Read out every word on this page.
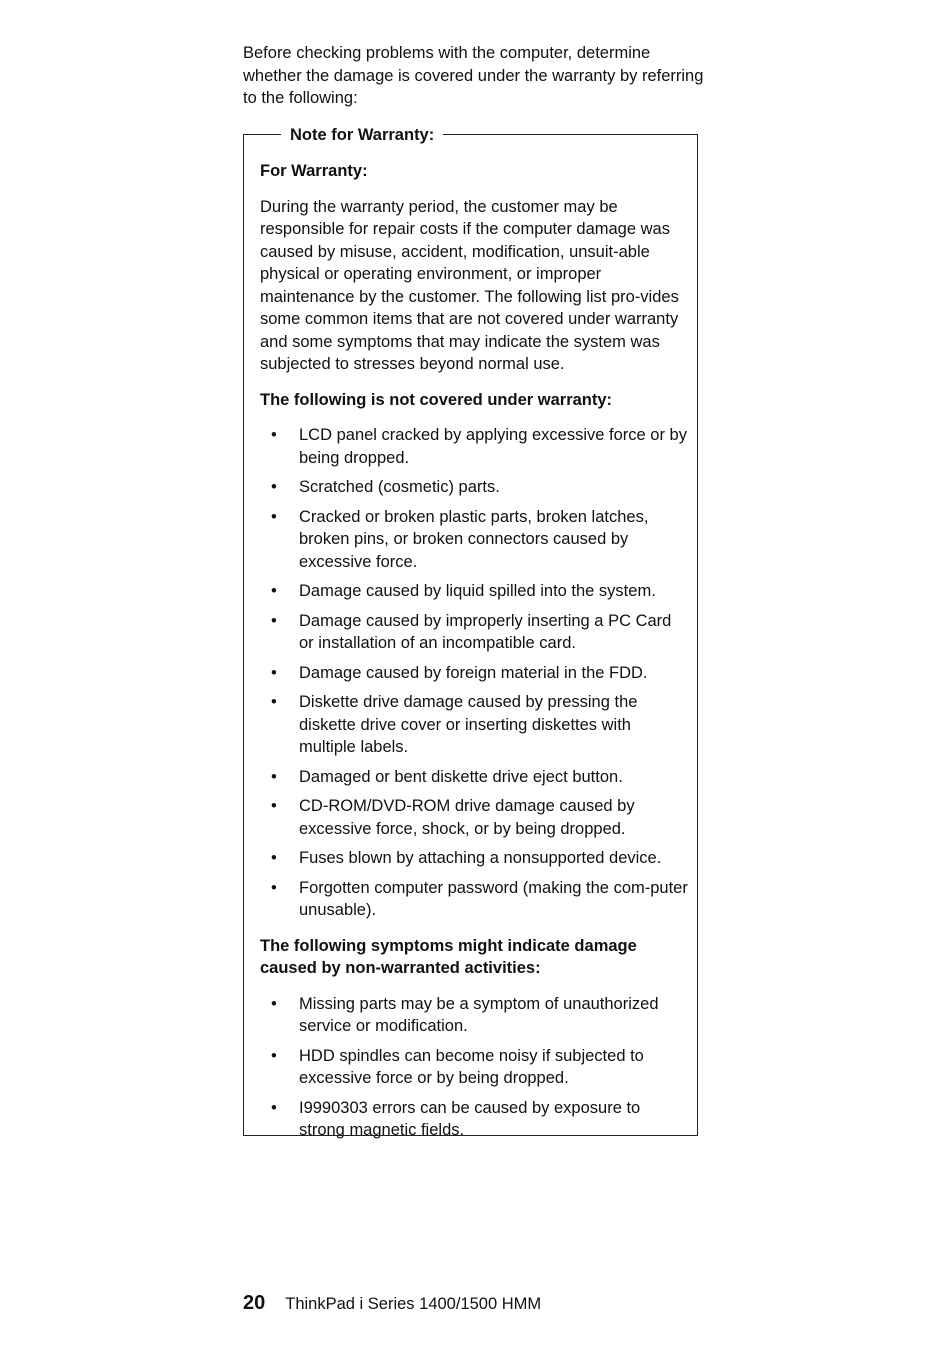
Before checking problems with the computer, determine whether the damage is covered under the warranty by referring to the following:

Note for Warranty:
For Warranty:

During the warranty period, the customer may be responsible for repair costs if the computer damage was caused by misuse, accident, modification, unsuit-able physical or operating environment, or improper maintenance by the customer. The following list pro-vides some common items that are not covered under warranty and some symptoms that may indicate the system was subjected to stresses beyond normal use.

The following is not covered under warranty:
• LCD panel cracked by applying excessive force or by being dropped.
• Scratched (cosmetic) parts.
• Cracked or broken plastic parts, broken latches, broken pins, or broken connectors caused by excessive force.
• Damage caused by liquid spilled into the system.
• Damage caused by improperly inserting a PC Card or installation of an incompatible card.
• Damage caused by foreign material in the FDD.
• Diskette drive damage caused by pressing the diskette drive cover or inserting diskettes with multiple labels.
• Damaged or bent diskette drive eject button.
• CD-ROM/DVD-ROM drive damage caused by excessive force, shock, or by being dropped.
• Fuses blown by attaching a nonsupported device.
• Forgotten computer password (making the com-puter unusable).
The following symptoms might indicate damage caused by non-warranted activities:
• Missing parts may be a symptom of unauthorized service or modification.
• HDD spindles can become noisy if subjected to excessive force or by being dropped.
• I9990303 errors can be caused by exposure to strong magnetic fields.
20 ThinkPad i Series 1400/1500 HMM
